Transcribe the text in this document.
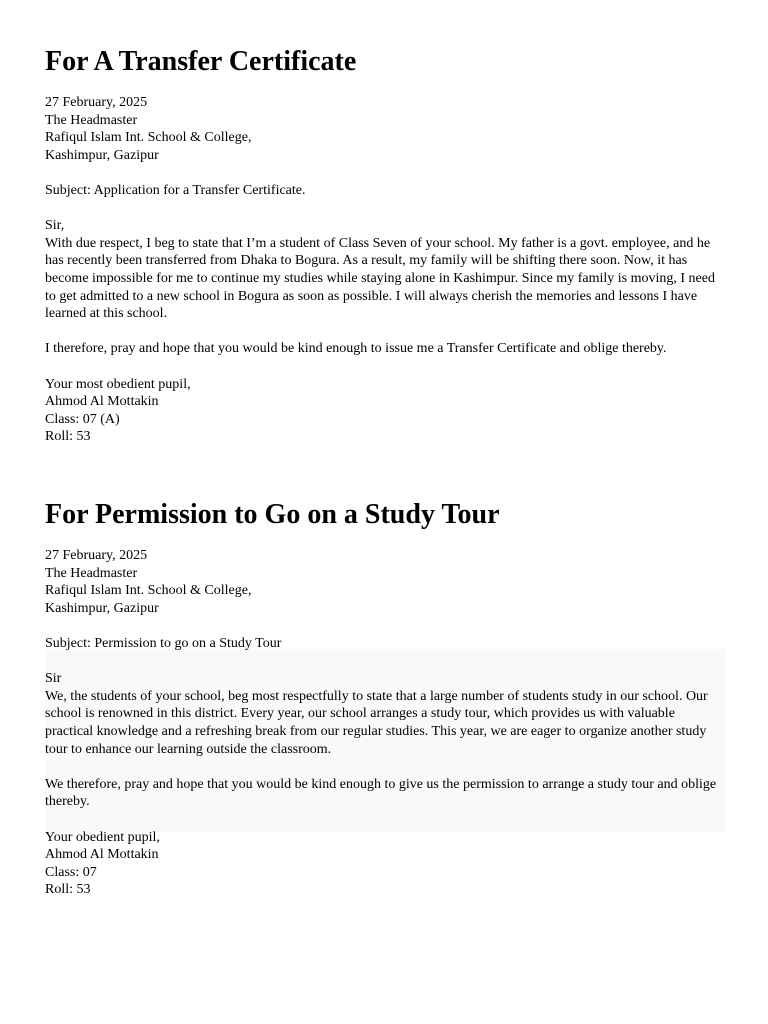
For A Transfer Certificate
27 February, 2025
The Headmaster
Rafiqul Islam Int. School & College,
Kashimpur, Gazipur
Subject: Application for a Transfer Certificate.
Sir,
With due respect, I beg to state that I’m a student of Class Seven of your school. My father is a govt. employee, and he has recently been transferred from Dhaka to Bogura. As a result, my family will be shifting there soon. Now, it has become impossible for me to continue my studies while staying alone in Kashimpur. Since my family is moving, I need to get admitted to a new school in Bogura as soon as possible. I will always cherish the memories and lessons I have learned at this school.
I therefore, pray and hope that you would be kind enough to issue me a Transfer Certificate and oblige thereby.
Your most obedient pupil,
Ahmod Al Mottakin
Class: 07 (A)
Roll: 53
For Permission to Go on a Study Tour
27 February, 2025
The Headmaster
Rafiqul Islam Int. School & College,
Kashimpur, Gazipur
Subject: Permission to go on a Study Tour
Sir
We, the students of your school, beg most respectfully to state that a large number of students study in our school. Our school is renowned in this district. Every year, our school arranges a study tour, which provides us with valuable practical knowledge and a refreshing break from our regular studies. This year, we are eager to organize another study tour to enhance our learning outside the classroom.
We therefore, pray and hope that you would be kind enough to give us the permission to arrange a study tour and oblige thereby.
Your obedient pupil,
Ahmod Al Mottakin
Class: 07
Roll: 53
